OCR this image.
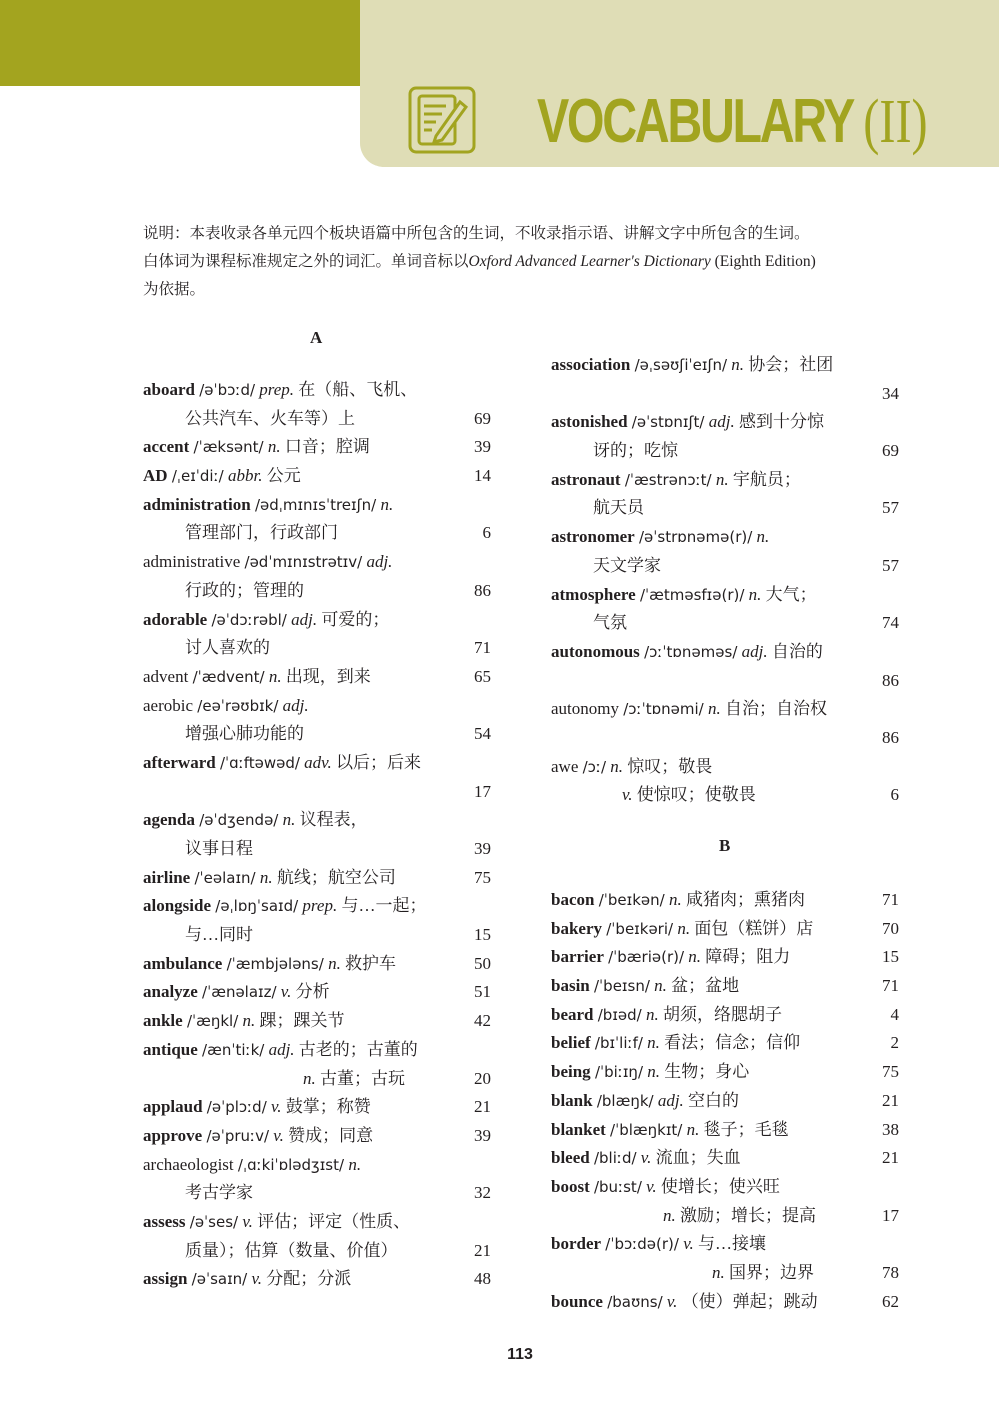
VOCABULARY (II)
说明：本表收录各单元四个板块语篇中所包含的生词，不收录指示语、讲解文字中所包含的生词。
白体词为课程标准规定之外的词汇。单词音标以Oxford Advanced Learner's Dictionary (Eighth Edition)
为依据。
A
aboard /əˈbɔːd/ prep. 在（船、飞机、
公共汽车、火车等）上	69
accent /ˈæksənt/ n. 口音；腔调	39
AD /ˌeɪˈdiː/ abbr. 公元	14
administration /ədˌmɪnɪsˈtreɪʃn/ n.
管理部门，行政部门	6
administrative /ədˈmɪnɪstrətɪv/ adj.
行政的；管理的	86
adorable /əˈdɔːrəbl/ adj. 可爱的；
讨人喜欢的	71
advent /ˈædvent/ n. 出现，到来	65
aerobic /eəˈrəʊbɪk/ adj.
增强心肺功能的	54
afterward /ˈɑːftəwəd/ adv. 以后；后来
17
agenda /əˈdʒendə/ n. 议程表，
议事日程	39
airline /ˈeəlaɪn/ n. 航线；航空公司	75
alongside /əˌlɒŋˈsaɪd/ prep. 与…一起；
与…同时	15
ambulance /ˈæmbjələns/ n. 救护车	50
analyze /ˈænəlaɪz/ v. 分析	51
ankle /ˈæŋkl/ n. 踝；踝关节	42
antique /ænˈtiːk/ adj. 古老的；古董的
n. 古董；古玩	20
applaud /əˈplɔːd/ v. 鼓掌；称赞	21
approve /əˈpruːv/ v. 赞成；同意	39
archaeologist /ˌɑːkiˈɒlədʒɪst/ n.
考古学家	32
assess /əˈses/ v. 评估；评定（性质、
质量）；估算（数量、价值）	21
assign /əˈsaɪn/ v. 分配；分派	48
association /əˌsəʊʃiˈeɪʃn/ n. 协会；社团
34
astonished /əˈstɒnɪʃt/ adj. 感到十分惊
讶的；吃惊	69
astronaut /ˈæstrənɔːt/ n. 宇航员；
航天员	57
astronomer /əˈstrɒnəmə(r)/ n.
天文学家	57
atmosphere /ˈætməsfɪə(r)/ n. 大气；
气氛	74
autonomous /ɔːˈtɒnəməs/ adj. 自治的
86
autonomy /ɔːˈtɒnəmi/ n. 自治；自治权
86
awe /ɔː/ n. 惊叹；敬畏
v. 使惊叹；使敬畏	6
B
bacon /ˈbeɪkən/ n. 咸猪肉；熏猪肉	71
bakery /ˈbeɪkəri/ n. 面包（糕饼）店	70
barrier /ˈbæriə(r)/ n. 障碍；阻力	15
basin /ˈbeɪsn/ n. 盆；盆地	71
beard /bɪəd/ n. 胡须，络腮胡子	4
belief /bɪˈliːf/ n. 看法；信念；信仰	2
being /ˈbiːɪŋ/ n. 生物；身心	75
blank /blæŋk/ adj. 空白的	21
blanket /ˈblæŋkɪt/ n. 毯子；毛毯	38
bleed /bliːd/ v. 流血；失血	21
boost /buːst/ v. 使增长；使兴旺
n. 激励；增长；提高	17
border /ˈbɔːdə(r)/ v. 与…接壤
n. 国界；边界	78
bounce /baʊns/ v. （使）弹起；跳动	62
113
